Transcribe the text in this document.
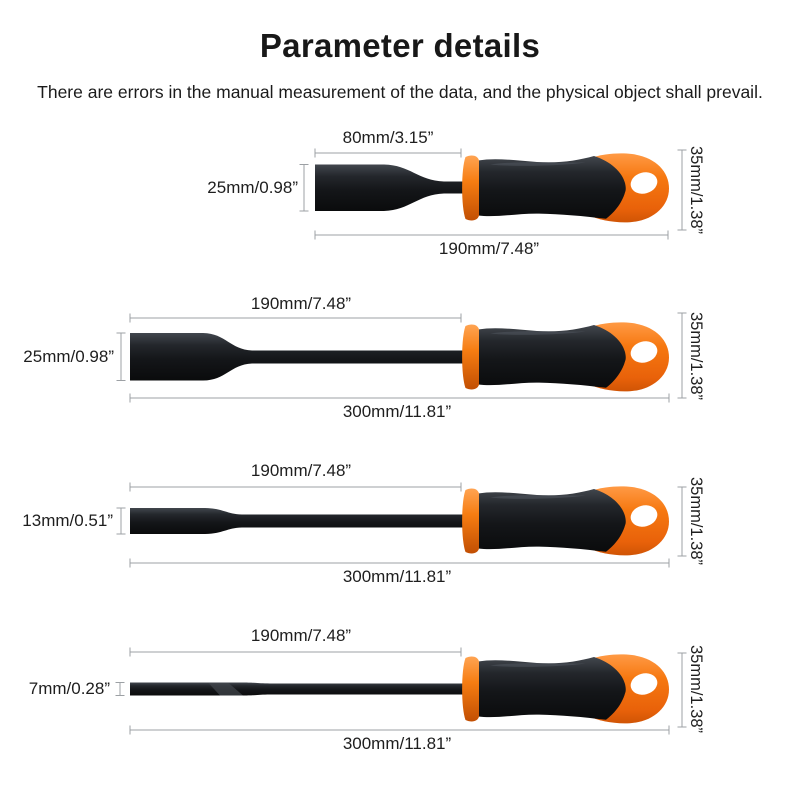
Parameter details
There are errors in the manual measurement of the data, and the physical object shall prevail.
80mm/3.15”
25mm/0.98”
190mm/7.48”
35mm/1.38”
190mm/7.48”
25mm/0.98”
300mm/11.81”
35mm/1.38”
190mm/7.48”
13mm/0.51”
300mm/11.81”
35mm/1.38”
190mm/7.48”
7mm/0.28”
300mm/11.81”
35mm/1.38”
